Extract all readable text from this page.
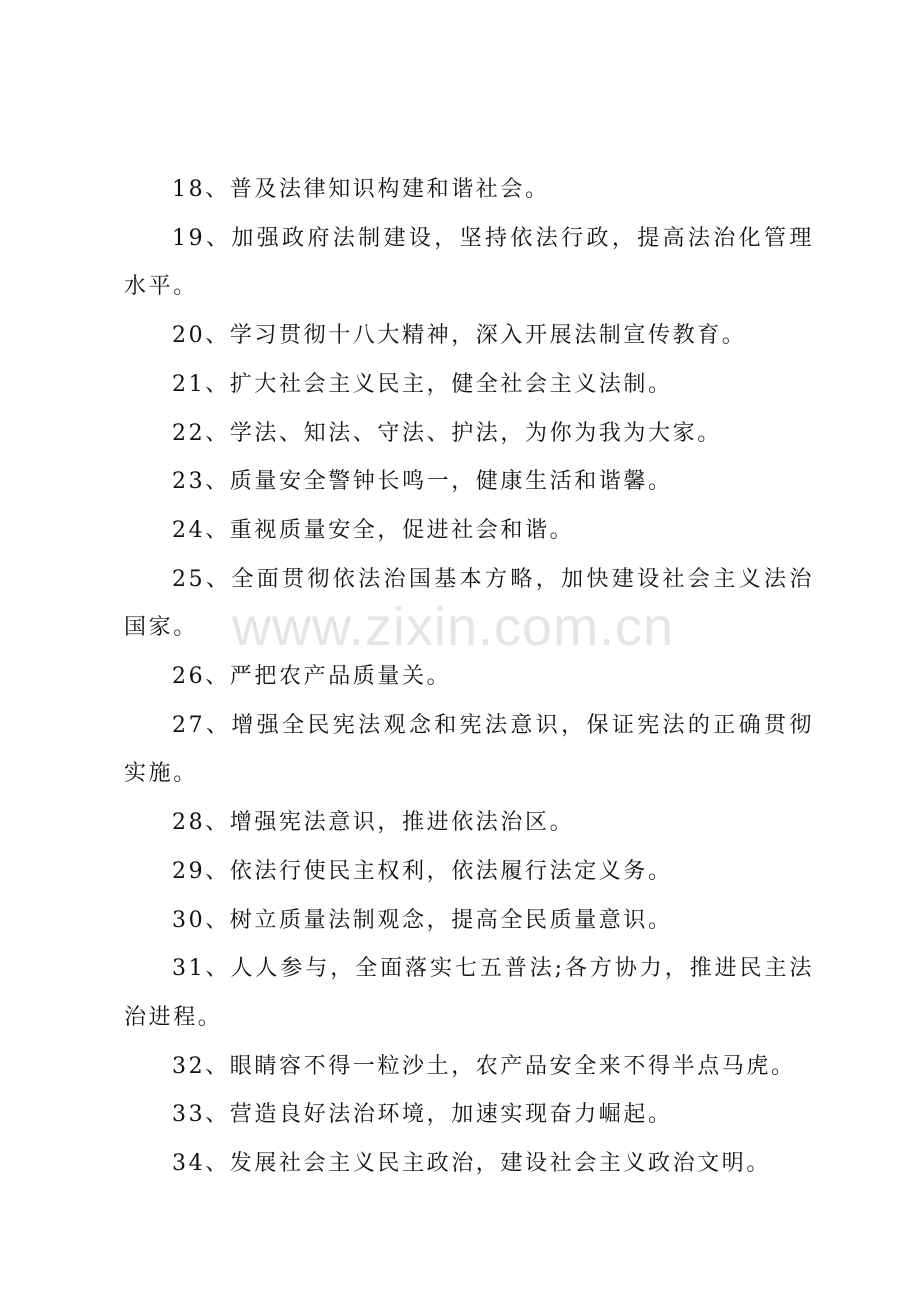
18、普及法律知识构建和谐社会。

19、加强政府法制建设，坚持依法行政，提高法治化管理水平。

20、学习贯彻十八大精神，深入开展法制宣传教育。

21、扩大社会主义民主，健全社会主义法制。

22、学法、知法、守法、护法，为你为我为大家。

23、质量安全警钟长鸣一，健康生活和谐馨。

24、重视质量安全，促进社会和谐。

25、全面贯彻依法治国基本方略，加快建设社会主义法治国家。

26、严把农产品质量关。

27、增强全民宪法观念和宪法意识，保证宪法的正确贯彻实施。

28、增强宪法意识，推进依法治区。

29、依法行使民主权利，依法履行法定义务。

30、树立质量法制观念，提高全民质量意识。

31、人人参与，全面落实七五普法;各方协力，推进民主法治进程。

32、眼睛容不得一粒沙土，农产品安全来不得半点马虎。

33、营造良好法治环境，加速实现奋力崛起。

34、发展社会主义民主政治，建设社会主义政治文明。

www.zixin.com.cn
